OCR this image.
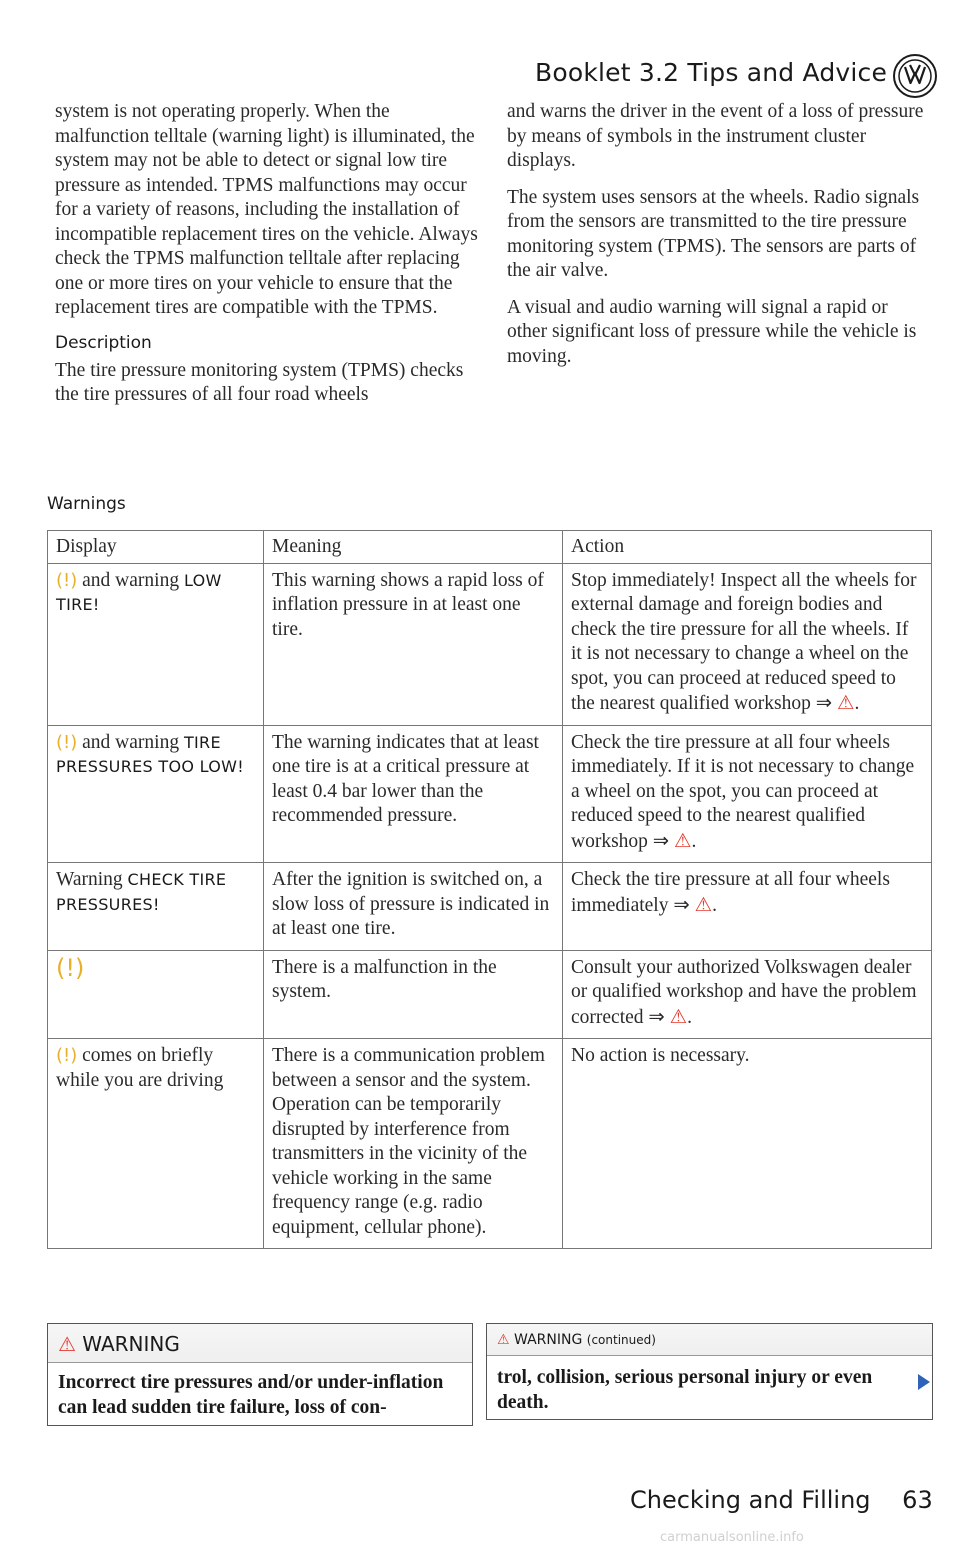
Booklet 3.2 Tips and Advice

system is not operating properly. When the malfunction telltale (warning light) is illuminated, the system may not be able to detect or signal low tire pressure as intended. TPMS malfunctions may occur for a variety of reasons, including the installation of incompatible replacement tires on the vehicle. Always check the TPMS malfunction telltale after replacing one or more tires on your vehicle to ensure that the replacement tires are compatible with the TPMS.

Description

The tire pressure monitoring system (TPMS) checks the tire pressures of all four road wheels

and warns the driver in the event of a loss of pressure by means of symbols in the instrument cluster displays.

The system uses sensors at the wheels. Radio signals from the sensors are transmitted to the tire pressure monitoring system (TPMS). The sensors are parts of the air valve.

A visual and audio warning will signal a rapid or other significant loss of pressure while the vehicle is moving.

Warnings
Display	Meaning	Action
(!) and warning LOW TIRE!	This warning shows a rapid loss of inflation pressure in at least one tire.	Stop immediately! Inspect all the wheels for external damage and foreign bodies and check the tire pressure for all the wheels. If it is not necessary to change a wheel on the spot, you can proceed at reduced speed to the nearest qualified workshop ⇒ ⚠.
(!) and warning TIRE PRESSURES TOO LOW!	The warning indicates that at least one tire is at a critical pressure at least 0.4 bar lower than the recommended pressure.	Check the tire pressure at all four wheels immediately. If it is not necessary to change a wheel on the spot, you can proceed at reduced speed to the nearest qualified workshop ⇒ ⚠.
Warning CHECK TIRE PRESSURES!	After the ignition is switched on, a slow loss of pressure is indicated in at least one tire.	Check the tire pressure at all four wheels immediately ⇒ ⚠.
(!)	There is a malfunction in the system.	Consult your authorized Volkswagen dealer or qualified workshop and have the problem corrected ⇒ ⚠.
(!) comes on briefly while you are driving	There is a communication problem between a sensor and the system. Operation can be temporarily disrupted by interference from transmitters in the vicinity of the vehicle working in the same frequency range (e.g. radio equipment, cellular phone).	No action is necessary.
⚠ WARNING
Incorrect tire pressures and/or under-inflation can lead sudden tire failure, loss of con-
⚠ WARNING (continued)
trol, collision, serious personal injury or even death.
Checking and Filling 63
carmanualsonline.info
